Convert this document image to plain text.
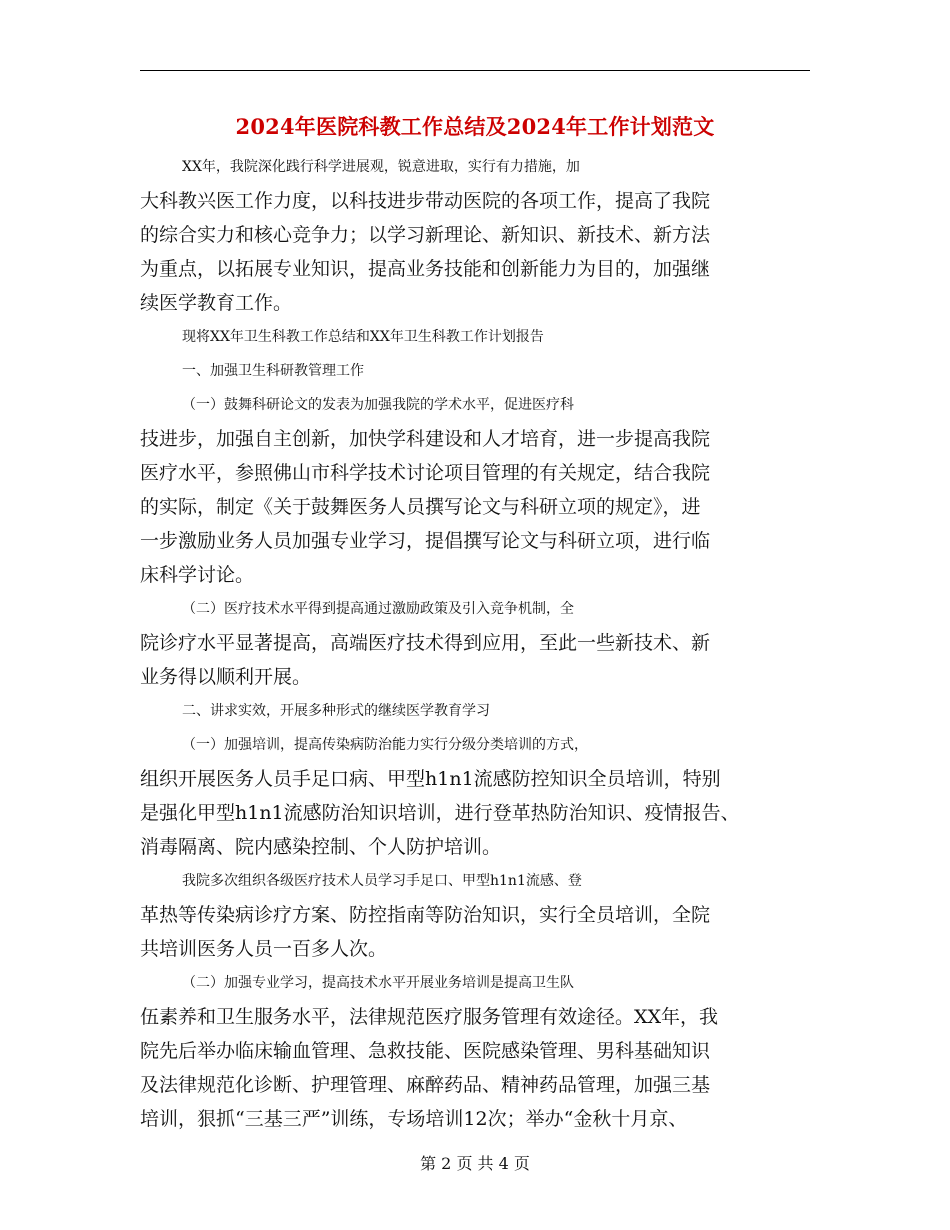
2024年医院科教工作总结及2024年工作计划范文
XX年，我院深化践行科学进展观，锐意进取，实行有力措施，加
大科教兴医工作力度，以科技进步带动医院的各项工作，提高了我院
的综合实力和核心竞争力；以学习新理论、新知识、新技术、新方法
为重点，以拓展专业知识，提高业务技能和创新能力为目的，加强继
续医学教育工作。
现将XX年卫生科教工作总结和XX年卫生科教工作计划报告
一、加强卫生科研教管理工作
（一）鼓舞科研论文的发表为加强我院的学术水平，促进医疗科
技进步，加强自主创新，加快学科建设和人才培育，进一步提高我院
医疗水平，参照佛山市科学技术讨论项目管理的有关规定，结合我院
的实际，制定《关于鼓舞医务人员撰写论文与科研立项的规定》，进
一步激励业务人员加强专业学习，提倡撰写论文与科研立项，进行临
床科学讨论。
（二）医疗技术水平得到提高通过激励政策及引入竞争机制，全
院诊疗水平显著提高，高端医疗技术得到应用，至此一些新技术、新
业务得以顺利开展。
二、讲求实效，开展多种形式的继续医学教育学习
（一）加强培训，提高传染病防治能力实行分级分类培训的方式，
组织开展医务人员手足口病、甲型h1n1流感防控知识全员培训，特别
是强化甲型h1n1流感防治知识培训，进行登革热防治知识、疫情报告、
消毒隔离、院内感染控制、个人防护培训。
我院多次组织各级医疗技术人员学习手足口、甲型h1n1流感、登
革热等传染病诊疗方案、防控指南等防治知识，实行全员培训，全院
共培训医务人员一百多人次。
（二）加强专业学习，提高技术水平开展业务培训是提高卫生队
伍素养和卫生服务水平，法律规范医疗服务管理有效途径。XX年，我
院先后举办临床输血管理、急救技能、医院感染管理、男科基础知识
及法律规范化诊断、护理管理、麻醉药品、精神药品管理，加强三基
培训，狠抓“三基三严”训练，专场培训12次；举办“金秋十月京、
第 2 页 共 4 页
